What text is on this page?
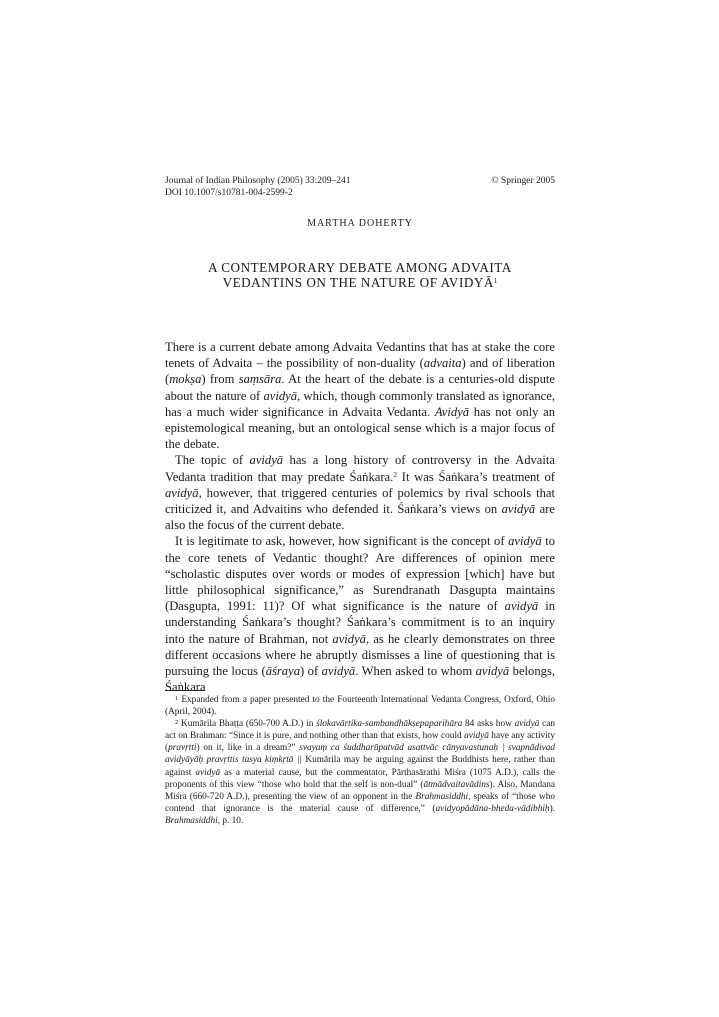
Journal of Indian Philosophy (2005) 33:209–241	© Springer 2005
DOI 10.1007/s10781-004-2599-2
MARTHA DOHERTY
A CONTEMPORARY DEBATE AMONG ADVAITA
VEDANTINS ON THE NATURE OF AVIDYĀ$^1$

There is a current debate among Advaita Vedantins that has at stake the core tenets of Advaita – the possibility of non-duality (advaita) and of liberation (mokṣa) from saṃsāra. At the heart of the debate is a centuries-old dispute about the nature of avidyā, which, though commonly translated as ignorance, has a much wider significance in Advaita Vedanta. Avidyā has not only an epistemological meaning, but an ontological sense which is a major focus of the debate.

The topic of avidyā has a long history of controversy in the Advaita Vedanta tradition that may predate Śaṅkara.$^2$ It was Śaṅkara’s treatment of avidyā, however, that triggered centuries of polemics by rival schools that criticized it, and Advaitins who defended it. Śaṅkara’s views on avidyā are also the focus of the current debate.

It is legitimate to ask, however, how significant is the concept of avidyā to the core tenets of Vedantic thought? Are differences of opinion mere “scholastic disputes over words or modes of expression [which] have but little philosophical significance,” as Surendranath Dasgupta maintains (Dasgupta, 1991: 11)? Of what significance is the nature of avidyā in understanding Śaṅkara’s thought? Śaṅkara’s commitment is to an inquiry into the nature of Brahman, not avidyā, as he clearly demonstrates on three different occasions where he abruptly dismisses a line of questioning that is pursuing the locus (āśraya) of avidyā. When asked to whom avidyā belongs, Śaṅkara

$^1$ Expanded from a paper presented to the Fourteenth International Vedanta Congress, Oxford, Ohio (April, 2004).

$^2$ Kumārila Bhaṭṭa (650-700 A.D.) in ślokavārtika-sambandhākṣepaparihāra 84 asks how avidyā can act on Brahman: “Since it is pure, and nothing other than that exists, how could avidyā have any activity (pravṛtti) on it, like in a dream?” svayaṃ ca śuddharūpatvād asattvāc cānyavastunaḥ | svapnādivad avidyāyāḥ pravṛttis tasya kiṃkṛtā || Kumārila may be arguing against the Buddhists here, rather than against avidyā as a material cause, but the commentator, Pārthasārathi Miśra (1075 A.D.), calls the proponents of this view “those who hold that the self is non-dual” (ātmādvaitavādins). Also, Mandana Miśra (660-720 A.D.), presenting the view of an opponent in the Brahmasiddhi, speaks of “those who contend that ignorance is the material cause of difference,” (avidyopādāna-bheda-vādibhiḥ). Brahmasiddhi, p. 10.
